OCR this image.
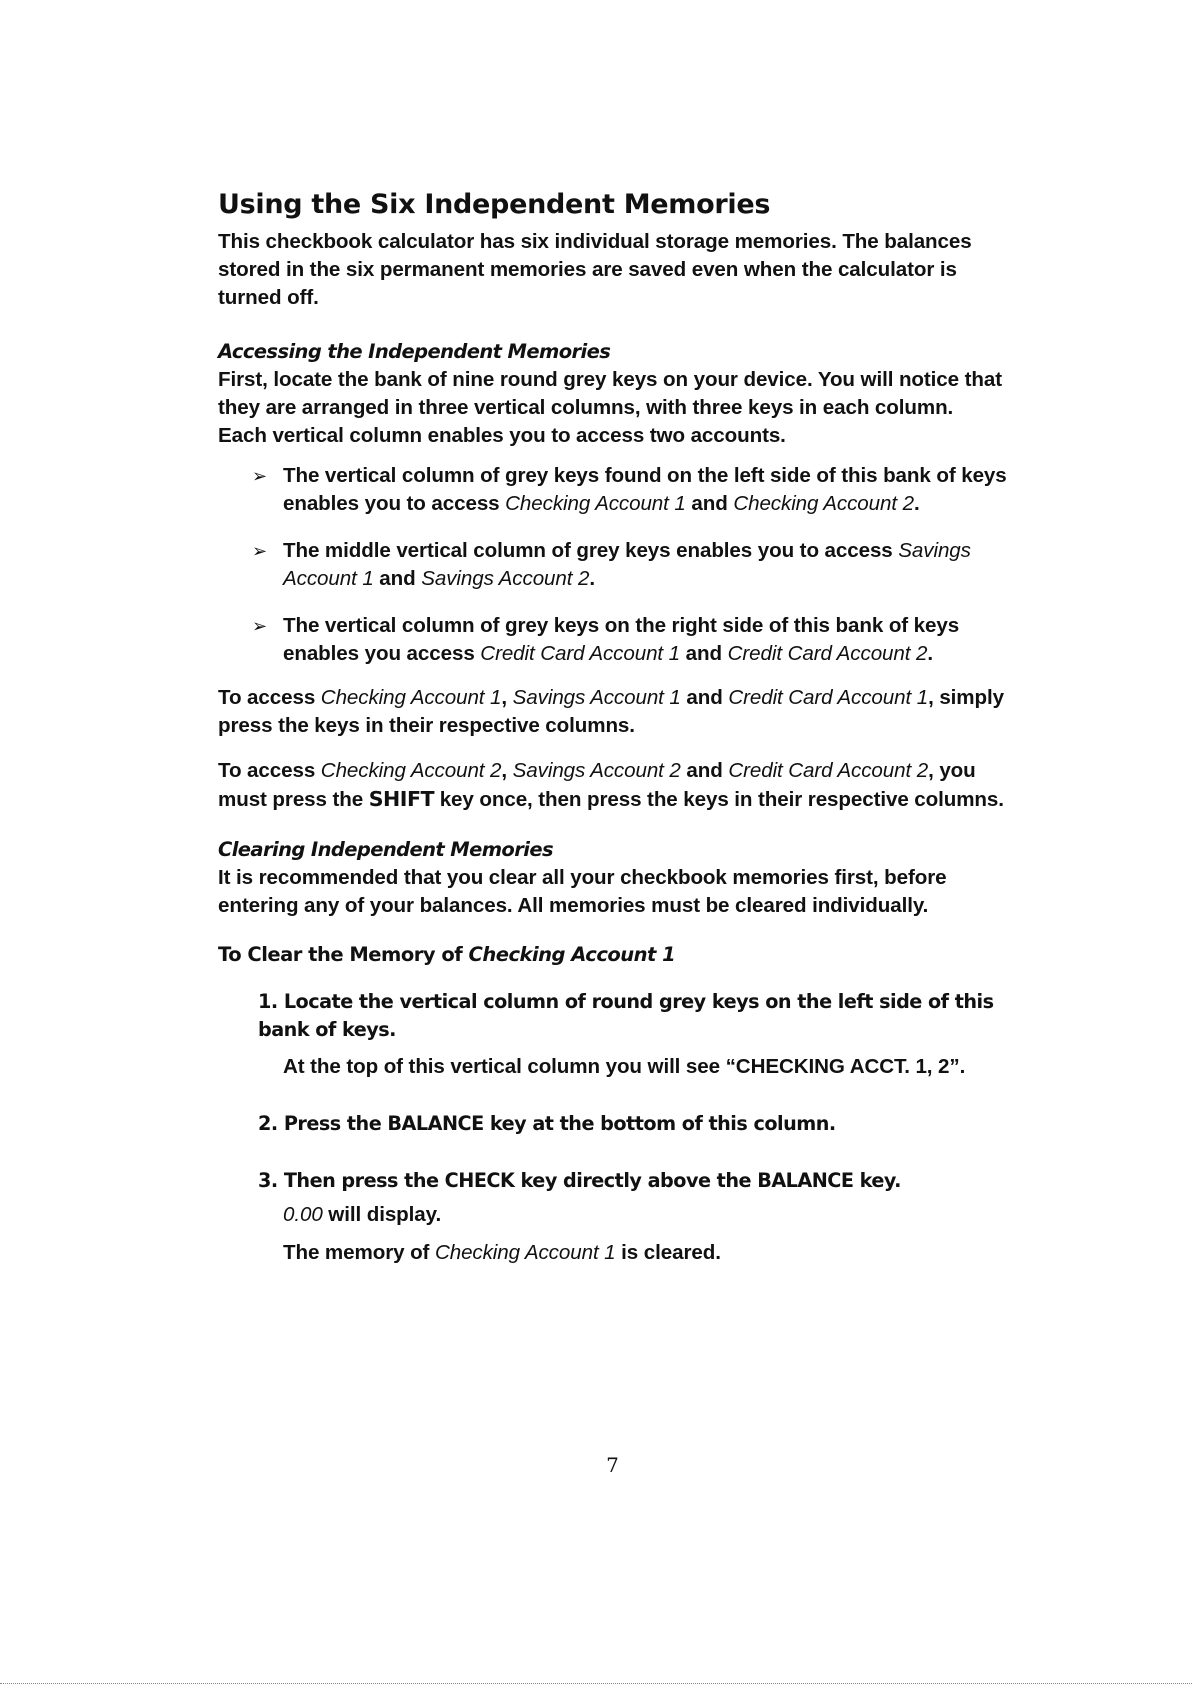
Using the Six Independent Memories

This checkbook calculator has six individual storage memories. The balances stored in the six permanent memories are saved even when the calculator is turned off.

Accessing the Independent Memories

First, locate the bank of nine round grey keys on your device. You will notice that they are arranged in three vertical columns, with three keys in each column.

Each vertical column enables you to access two accounts.

➢ The vertical column of grey keys found on the left side of this bank of keys enables you to access Checking Account 1 and Checking Account 2.
➢ The middle vertical column of grey keys enables you to access Savings Account 1 and Savings Account 2.
➢ The vertical column of grey keys on the right side of this bank of keys enables you access Credit Card Account 1 and Credit Card Account 2.

To access Checking Account 1, Savings Account 1 and Credit Card Account 1, simply press the keys in their respective columns.

To access Checking Account 2, Savings Account 2 and Credit Card Account 2, you must press the SHIFT key once, then press the keys in their respective columns.

Clearing Independent Memories

It is recommended that you clear all your checkbook memories first, before entering any of your balances. All memories must be cleared individually.

To Clear the Memory of Checking Account 1

1. Locate the vertical column of round grey keys on the left side of this bank of keys.

At the top of this vertical column you will see “CHECKING ACCT. 1, 2”.

2. Press the BALANCE key at the bottom of this column.

3. Then press the CHECK key directly above the BALANCE key.

0.00 will display.

The memory of Checking Account 1 is cleared.

7
